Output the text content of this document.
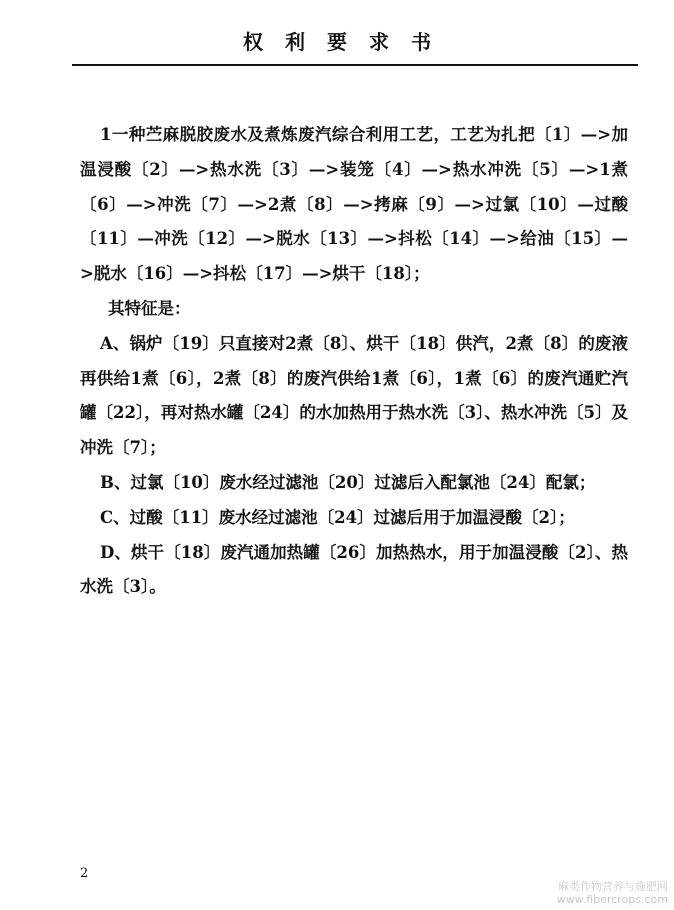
权利要求书

1一种苎麻脱胶废水及煮炼废汽综合利用工艺，工艺为扎把〔1〕—>加温浸酸〔2〕—>热水洗〔3〕—>装笼〔4〕—>热水冲洗〔5〕—>1煮〔6〕—>冲洗〔7〕—>2煮〔8〕—>拷麻〔9〕—>过氯〔10〕—过酸〔11〕—冲洗〔12〕—>脱水〔13〕—>抖松〔14〕—>给油〔15〕—>脱水〔16〕—>抖松〔17〕—>烘干〔18〕；

其特征是：

A、锅炉〔19〕只直接对2煮〔8〕、烘干〔18〕供汽，2煮〔8〕的废液再供给1煮〔6〕，2煮〔8〕的废汽供给1煮〔6〕，1煮〔6〕的废汽通贮汽罐〔22〕，再对热水罐〔24〕的水加热用于热水洗〔3〕、热水冲洗〔5〕及冲洗〔7〕；

B、过氯〔10〕废水经过滤池〔20〕过滤后入配氯池〔24〕配氯；

C、过酸〔11〕废水经过滤池〔24〕过滤后用于加温浸酸〔2〕；

D、烘干〔18〕废汽通加热罐〔26〕加热热水，用于加温浸酸〔2〕、热水洗〔3〕。

2
麻类作物营养与施肥网
www.fibercrops.com
